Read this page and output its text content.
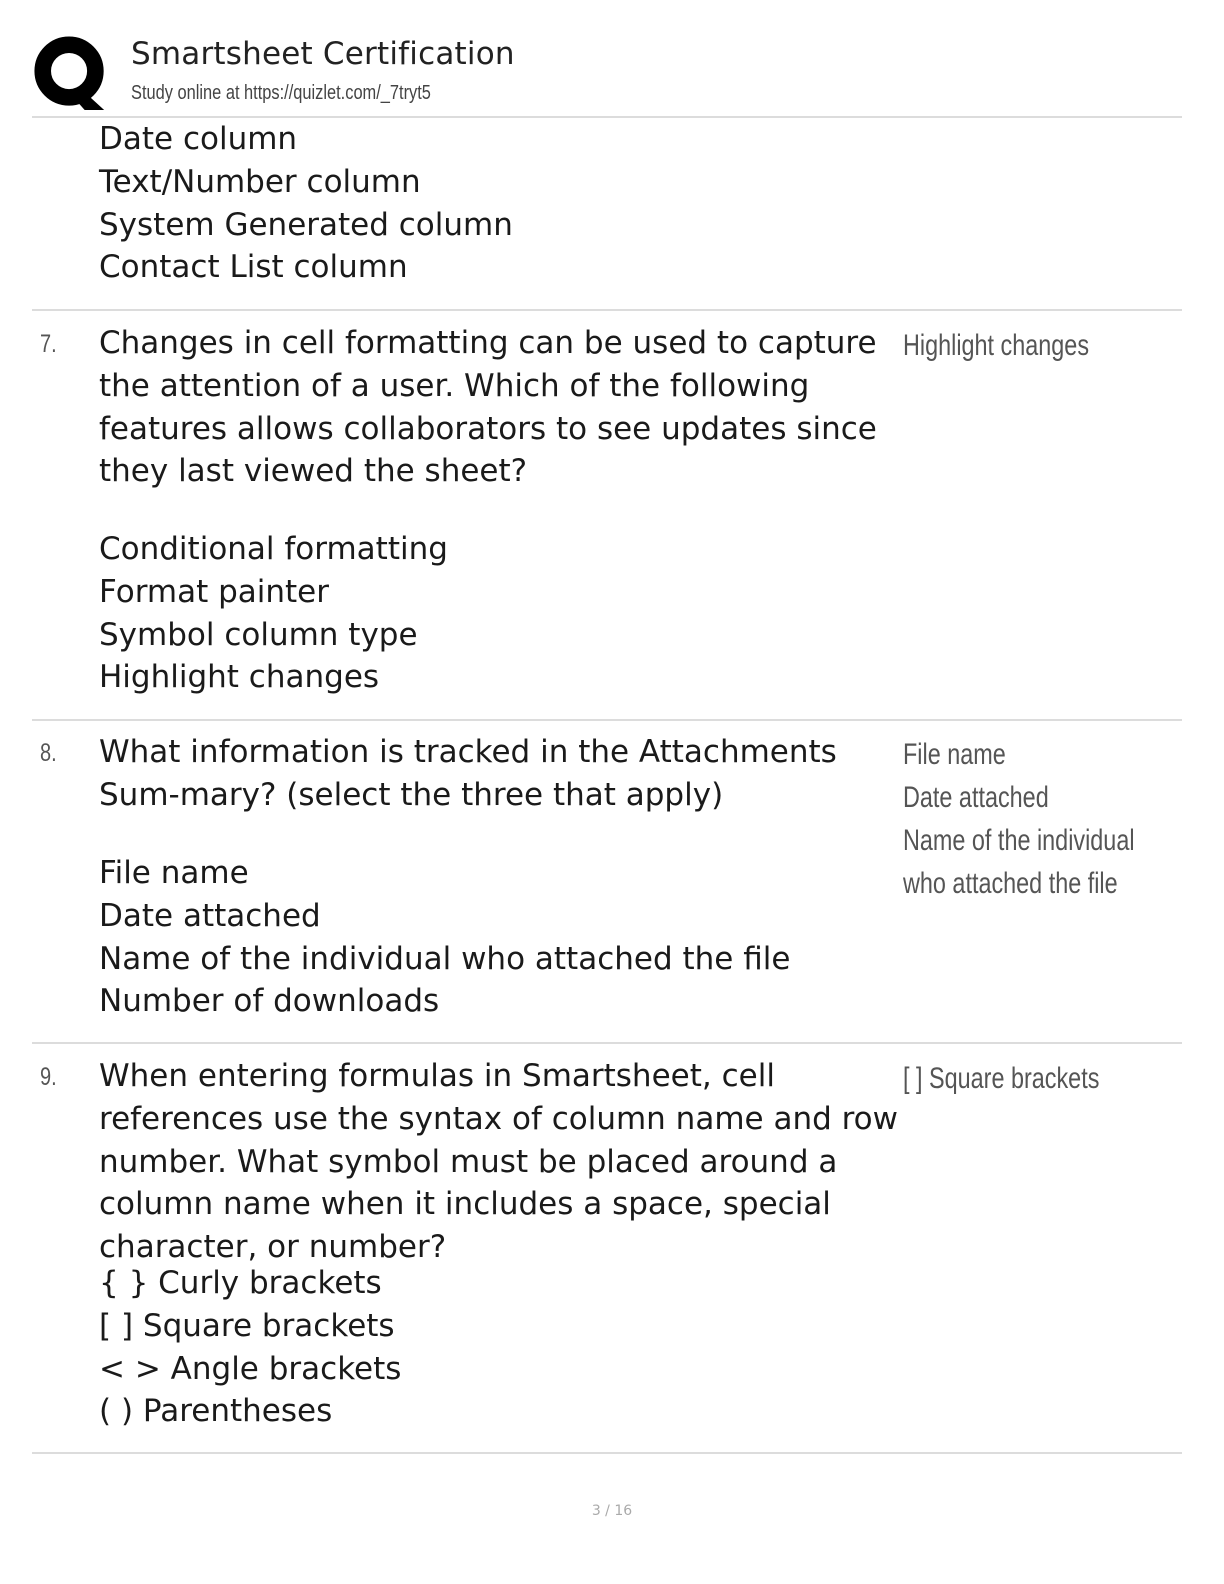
Smartsheet Certification
Study online at https://quizlet.com/_7tryt5
Date column
Text/Number column
System Generated column
Contact List column
7. Changes in cell formatting can be used to capture the attention of a user. Which of the following features allows collaborators to see updates since they last viewed the sheet?
Conditional formatting
Format painter
Symbol column type
Highlight changes
Highlight changes
8. What information is tracked in the Attachments Sum-mary? (select the three that apply)
File name
Date attached
Name of the individual who attached the file
Number of downloads
File name
Date attached
Name of the individual
who attached the file
9. When entering formulas in Smartsheet, cell references use the syntax of column name and row number. What symbol must be placed around a column name when it includes a space, special character, or number?
{ } Curly brackets
[ ] Square brackets
< > Angle brackets
( ) Parentheses
[ ] Square brackets
3 / 16
